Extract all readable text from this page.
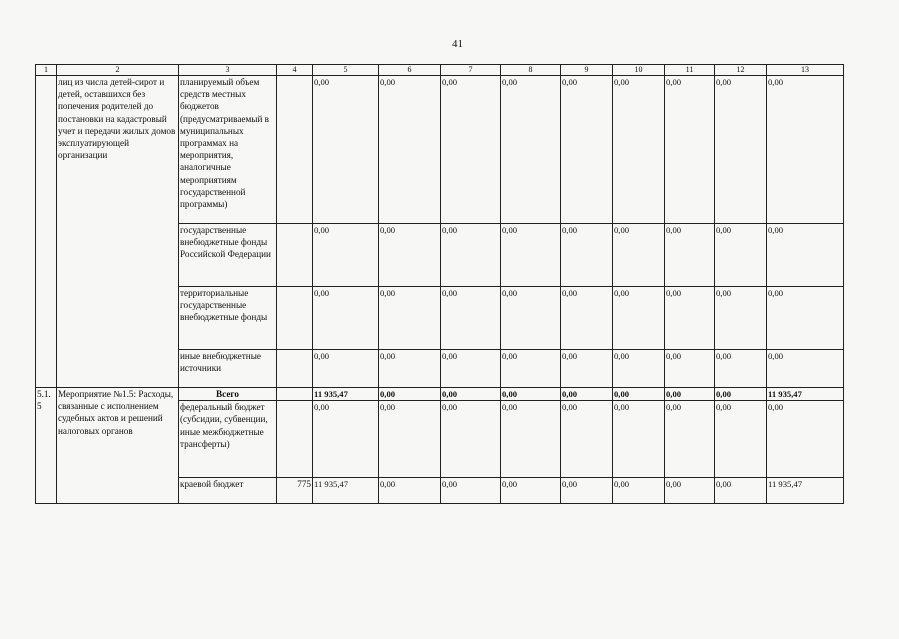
41
1	2	3	4	5	6	7	8	9	10	11	12	13
	лиц из числа детей-сирот и детей, оставшихся без попечения родителей до постановки на кадастровый учет и передачи жилых домов эксплуатирующей организации	планируемый объем средств местных бюджетов (предусматриваемый в муниципальных программах на мероприятия, аналогичные мероприятиям государственной программы)		0,00	0,00	0,00	0,00	0,00	0,00	0,00	0,00	0,00
		государственные внебюджетные фонды Российской Федерации		0,00	0,00	0,00	0,00	0,00	0,00	0,00	0,00	0,00
		территориальные государственные внебюджетные фонды		0,00	0,00	0,00	0,00	0,00	0,00	0,00	0,00	0,00
		иные внебюджетные источники		0,00	0,00	0,00	0,00	0,00	0,00	0,00	0,00	0,00
5.1.5	Мероприятие №1.5: Расходы, связанные с исполнением судебных актов и решений налоговых органов	Всего		11 935,47	0,00	0,00	0,00	0,00	0,00	0,00	0,00	11 935,47
		федеральный бюджет (субсидии, субвенции, иные межбюджетные трансферты)		0,00	0,00	0,00	0,00	0,00	0,00	0,00	0,00	0,00
		краевой бюджет	775	11 935,47	0,00	0,00	0,00	0,00	0,00	0,00	0,00	11 935,47
